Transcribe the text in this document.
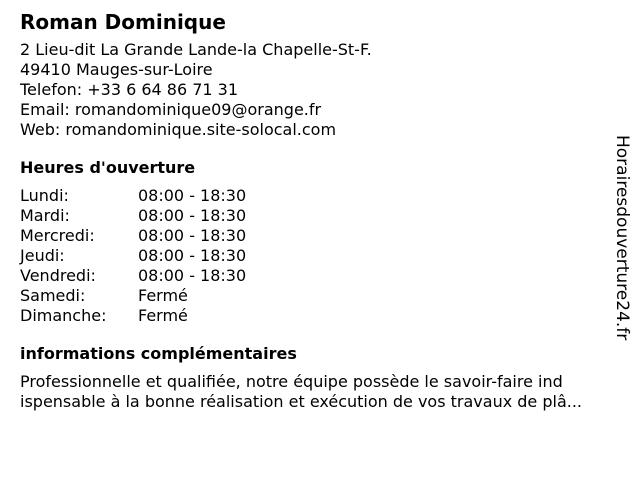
Roman Dominique
2 Lieu-dit La Grande Lande-la Chapelle-St-F.
49410 Mauges-sur-Loire
Telefon: +33 6 64 86 71 31
Email: romandominique09@orange.fr
Web: romandominique.site-solocal.com
Heures d'ouverture
Lundi:	08:00 - 18:30
Mardi:	08:00 - 18:30
Mercredi:	08:00 - 18:30
Jeudi:	08:00 - 18:30
Vendredi:	08:00 - 18:30
Samedi:	Fermé
Dimanche:	Fermé
informations complémentaires
Professionnelle et qualifiée, notre équipe possède le savoir-faire ind
ispensable à la bonne réalisation et exécution de vos travaux de plâ...
Horairesdouverture24.fr
